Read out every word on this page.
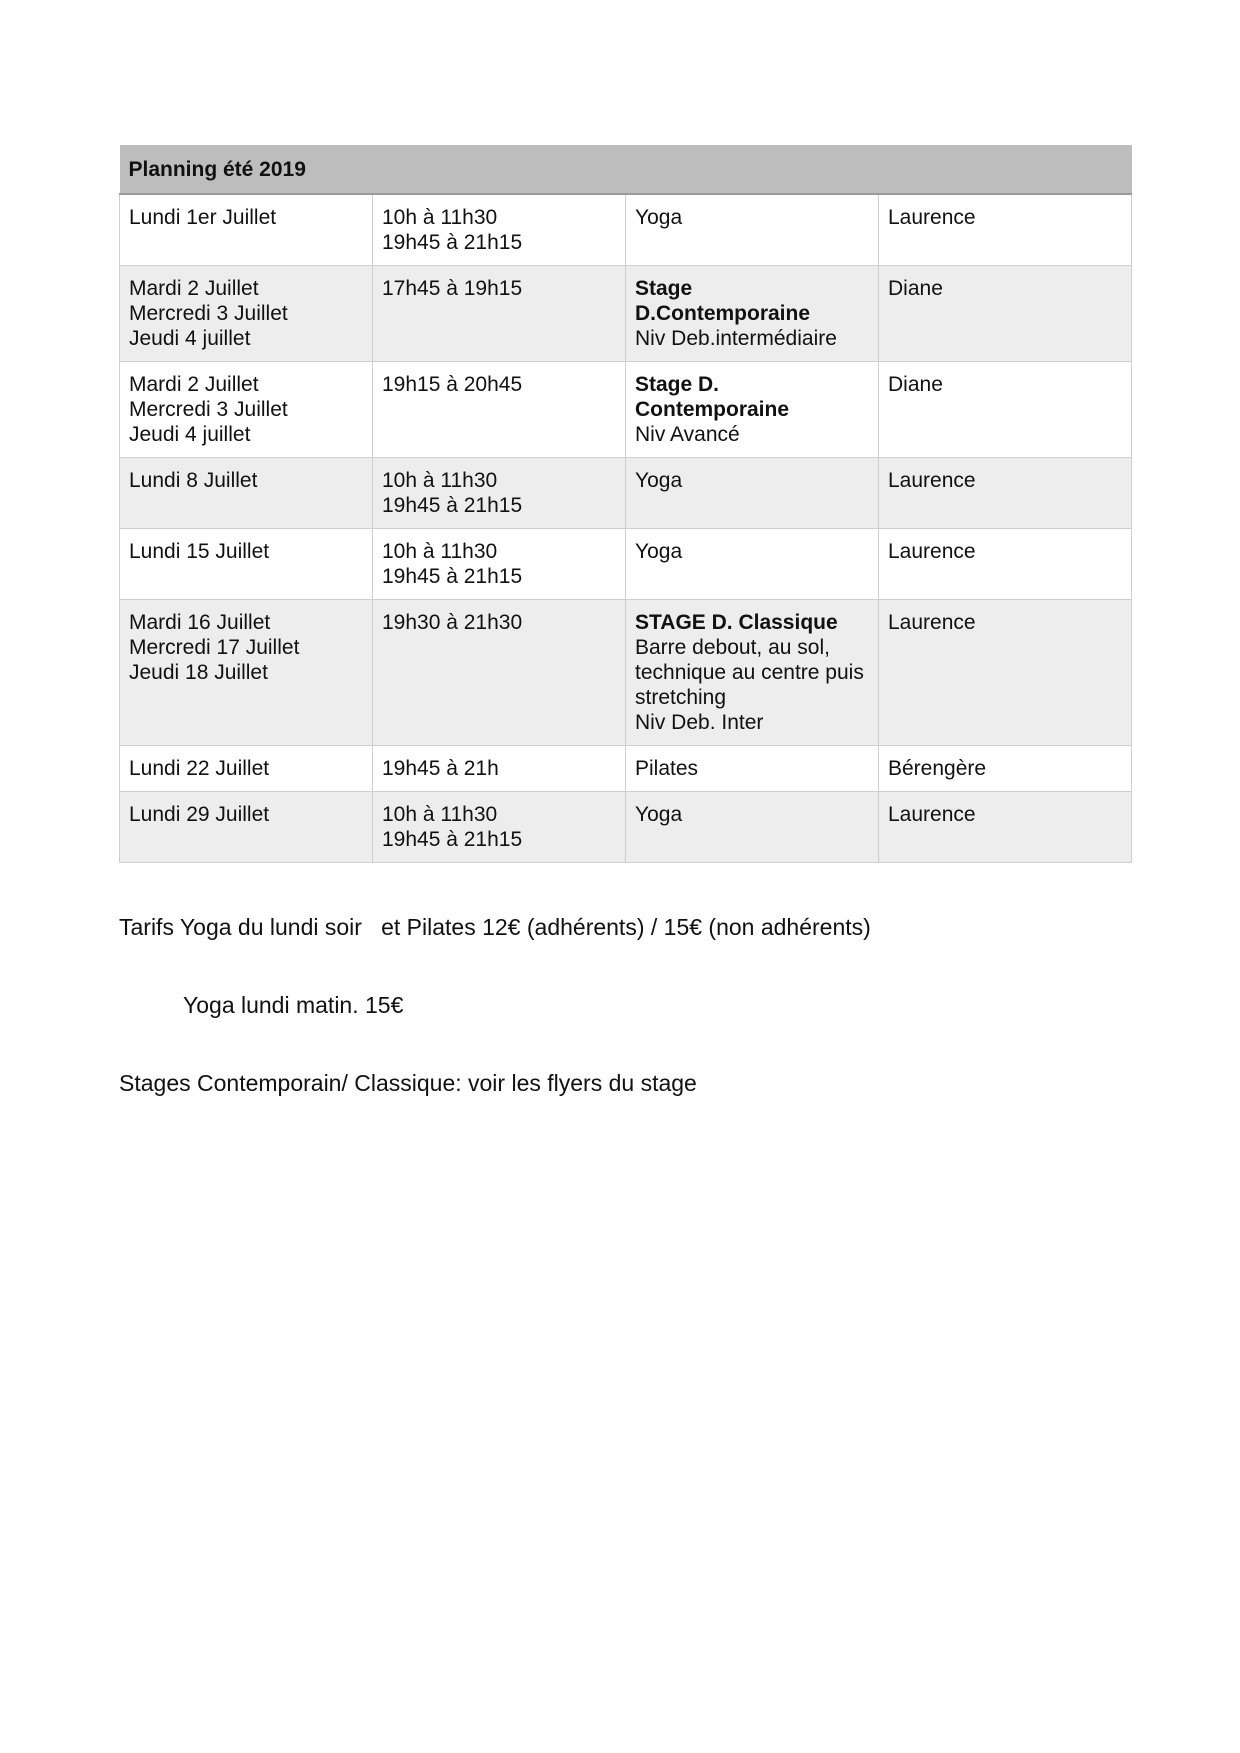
Planning été 2019			

Lundi 1er Juillet	10h à 11h30
19h45 à 21h15	Yoga	Laurence

Mardi 2 Juillet
Mercredi 3 Juillet
Jeudi 4 juillet	17h45 à 19h15	Stage
D.Contemporaine
Niv Deb.intermédiaire	Diane

Mardi 2 Juillet
Mercredi 3 Juillet
Jeudi 4 juillet	19h15 à 20h45	Stage D.
Contemporaine
Niv Avancé	Diane

Lundi 8 Juillet	10h à 11h30
19h45 à 21h15	Yoga	Laurence

Lundi 15 Juillet	10h à 11h30
19h45 à 21h15	Yoga	Laurence

Mardi 16 Juillet
Mercredi 17 Juillet
Jeudi 18 Juillet	19h30 à 21h30	STAGE D. Classique
Barre debout, au sol,
technique au centre puis
stretching
Niv Deb. Inter	Laurence

Lundi 22 Juillet	19h45 à 21h	Pilates	Bérengère

Lundi 29 Juillet	10h à 11h30
19h45 à 21h15	Yoga	Laurence

Tarifs Yoga du lundi soir   et Pilates 12€ (adhérents) / 15€ (non adhérents)

Yoga lundi matin. 15€

Stages Contemporain/ Classique: voir les flyers du stage
